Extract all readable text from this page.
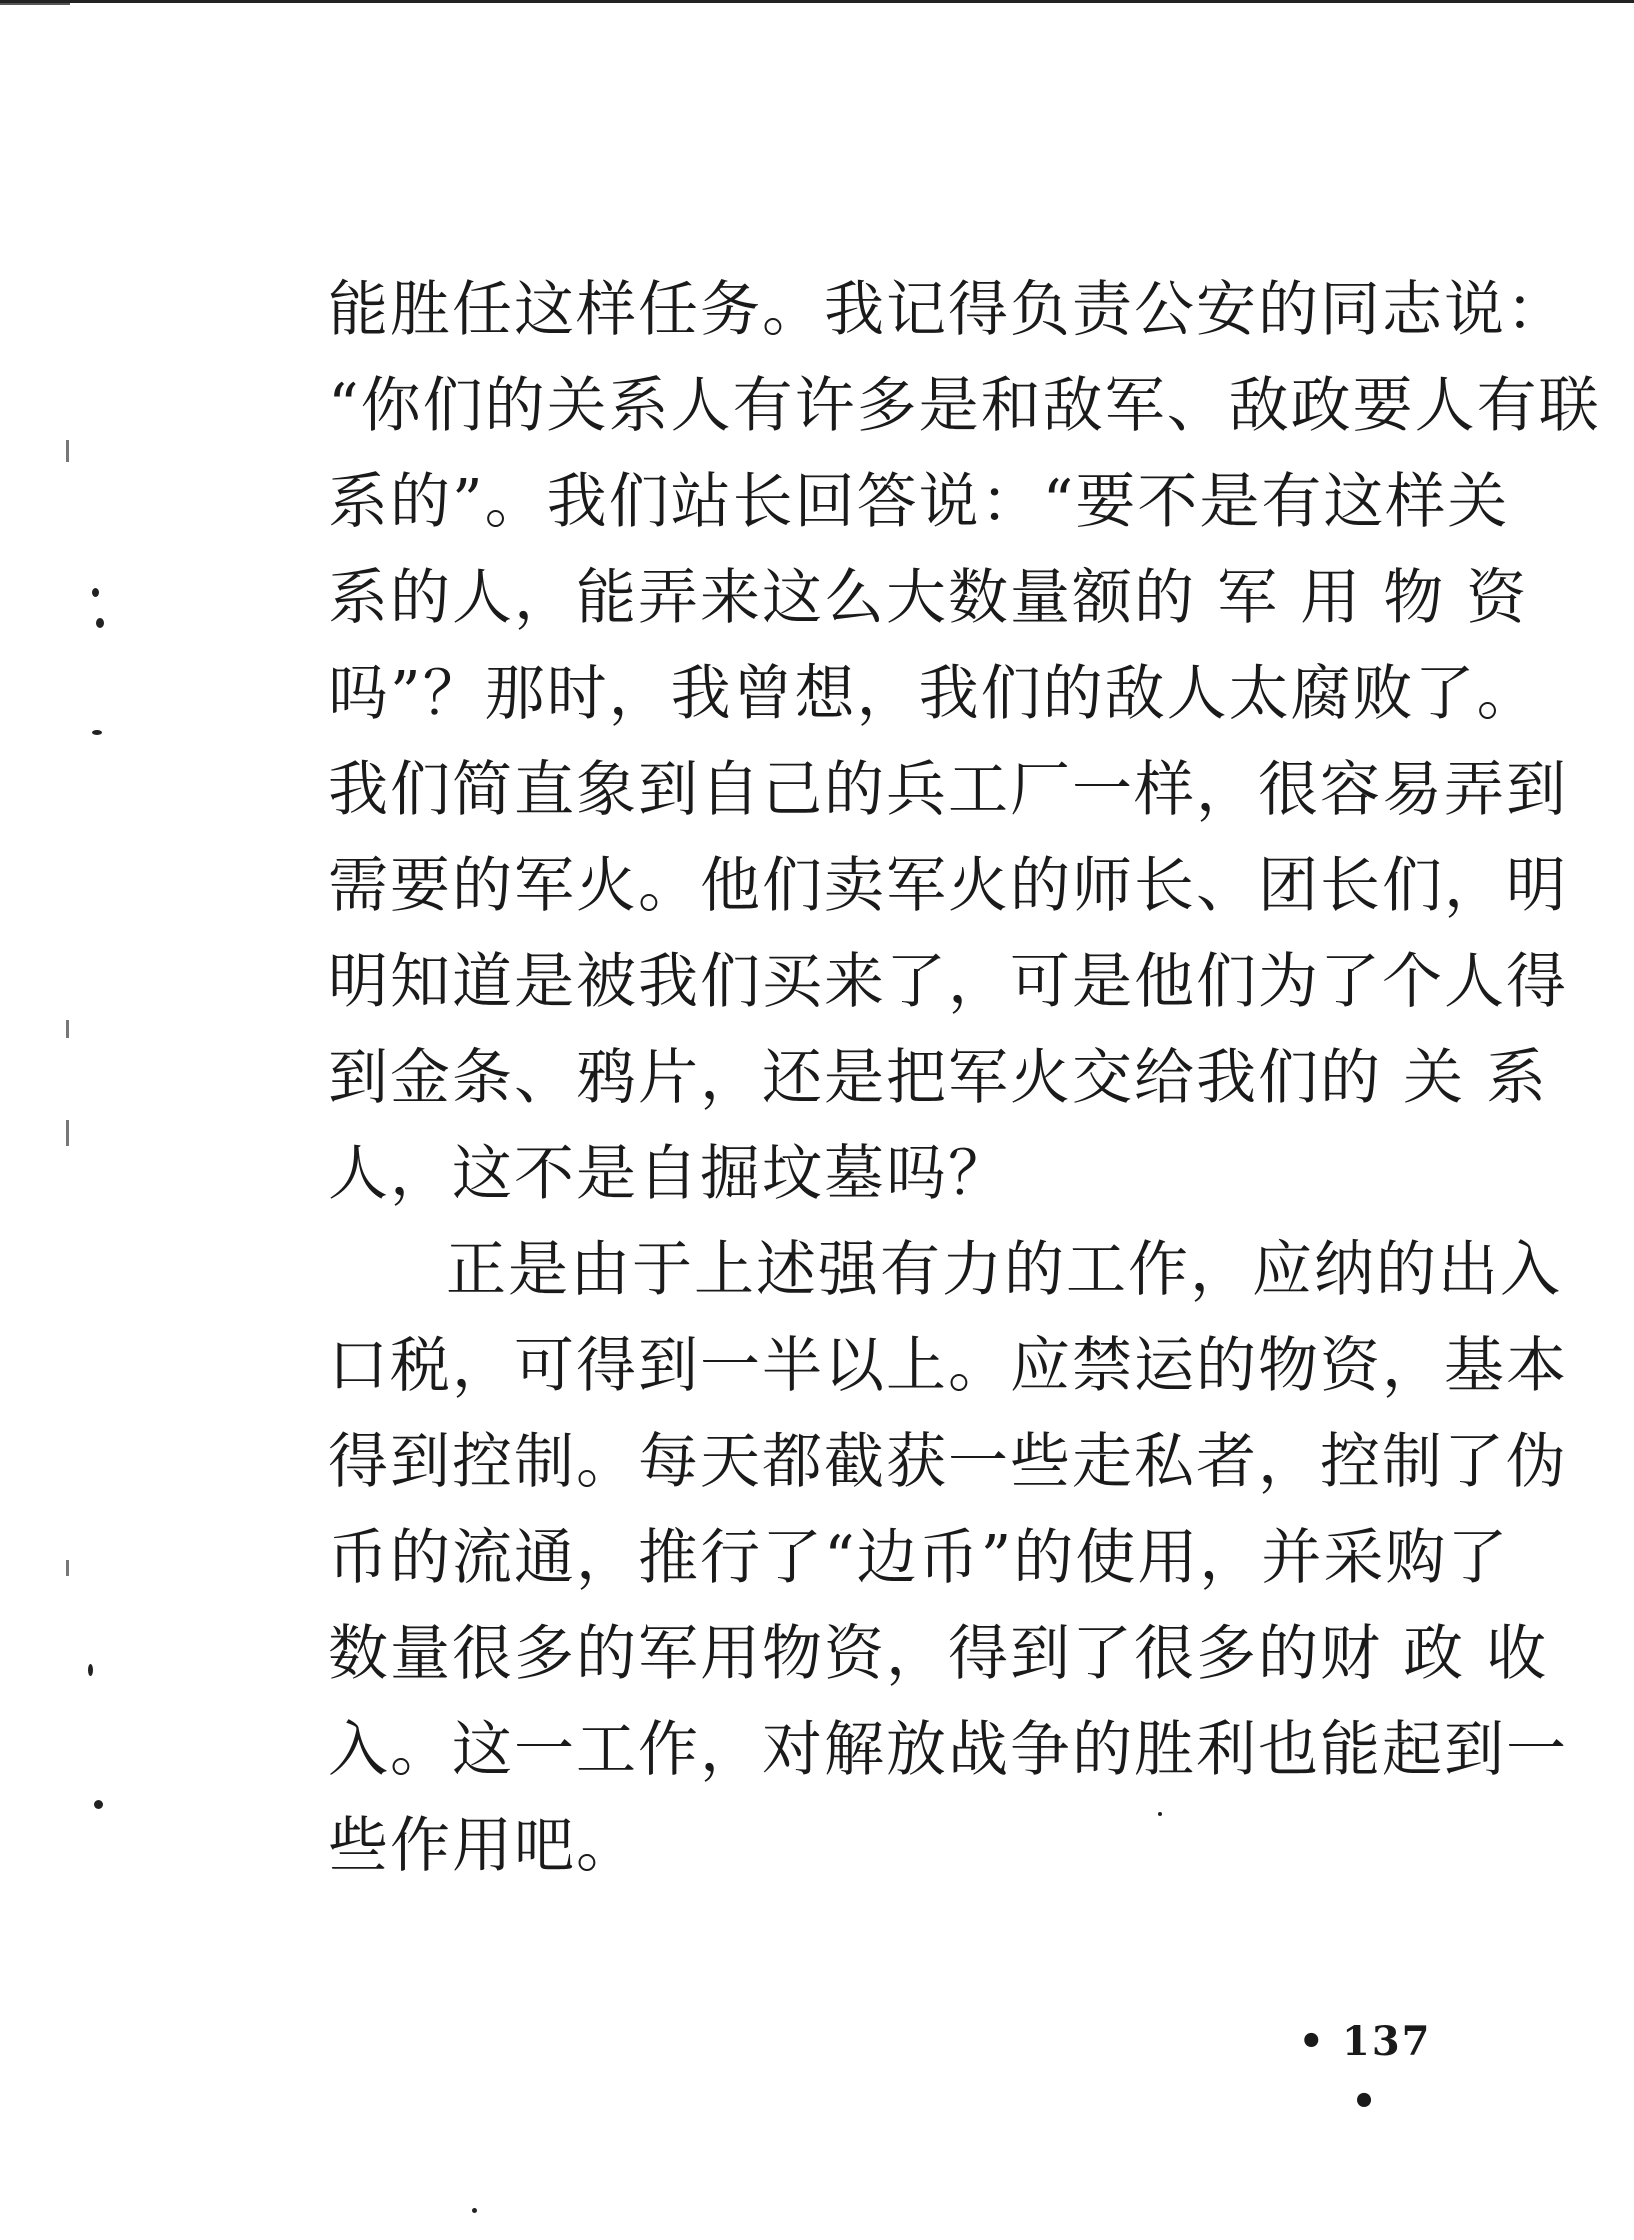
能胜任这样任务。我记得负责公安的同志说：
“你们的关系人有许多是和敌军、敌政要人有联
系的”。我们站长回答说：“要不是有这样关
系的人，能弄来这么大数量额的 军 用 物 资
吗”？那时，我曾想，我们的敌人太腐败了。
我们简直象到自己的兵工厂一样，很容易弄到
需要的军火。他们卖军火的师长、团长们，明
明知道是被我们买来了，可是他们为了个人得
到金条、鸦片，还是把军火交给我们的 关 系
人，这不是自掘坟墓吗？
正是由于上述强有力的工作，应纳的出入
口税，可得到一半以上。应禁运的物资，基本
得到控制。每天都截获一些走私者，控制了伪
币的流通，推行了“边币”的使用，并采购了
数量很多的军用物资，得到了很多的财 政 收
入。这一工作，对解放战争的胜利也能起到一
些作用吧。
• 137 •
